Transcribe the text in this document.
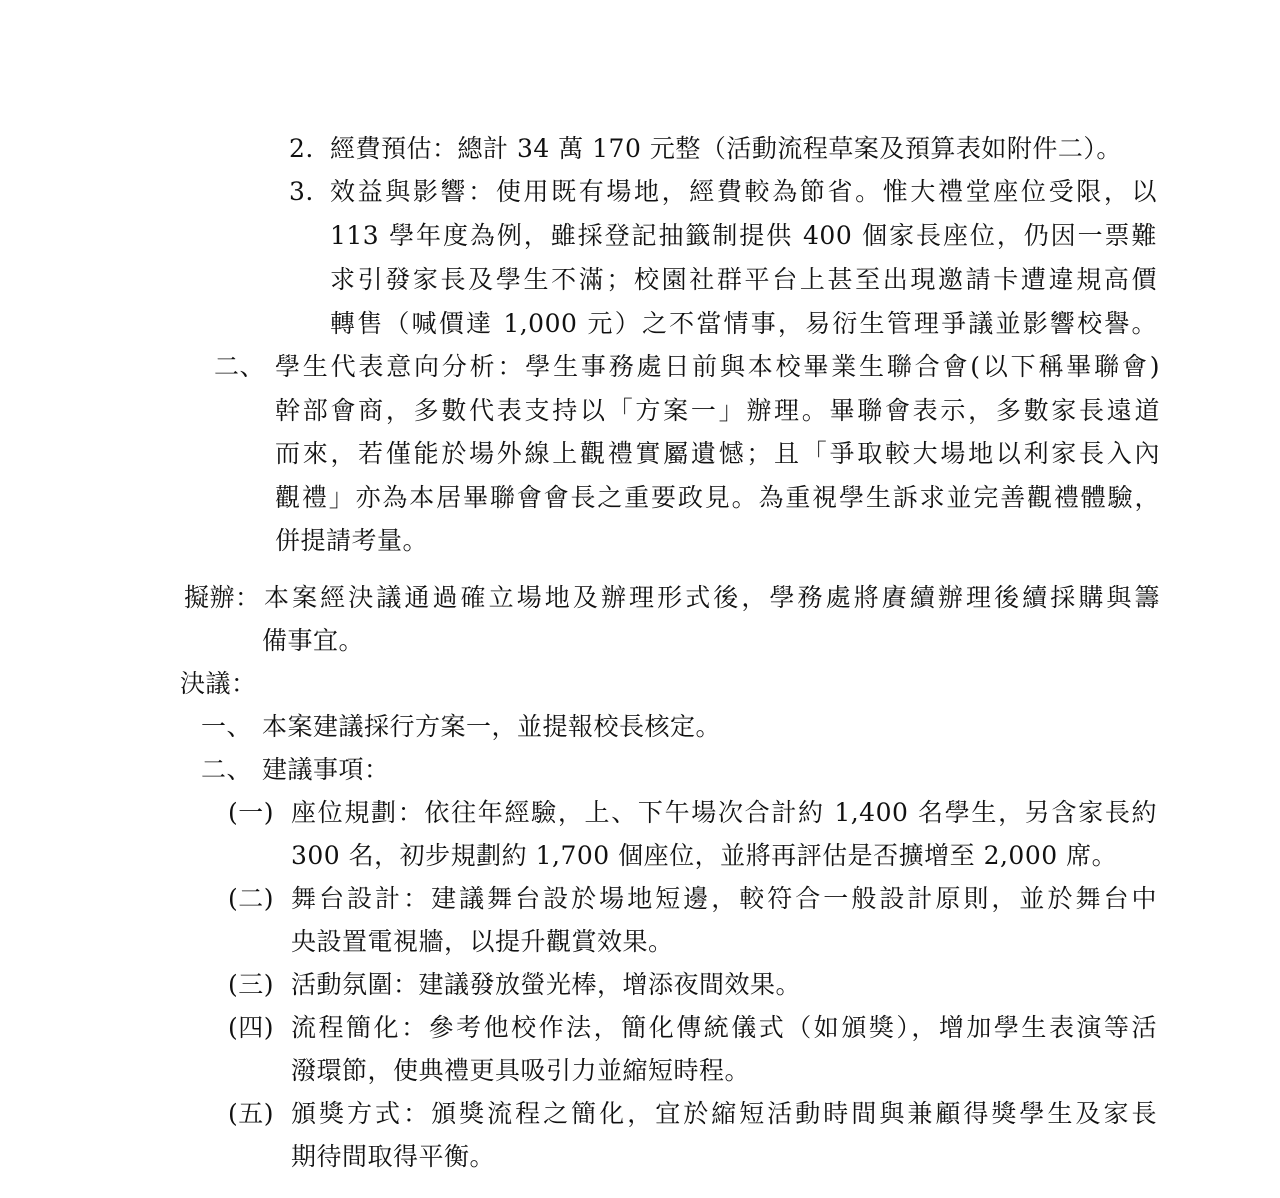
2. 經費預估：總計 34 萬 170 元整（活動流程草案及預算表如附件二）。
3. 效益與影響：使用既有場地，經費較為節省。惟大禮堂座位受限，以
113 學年度為例，雖採登記抽籤制提供 400 個家長座位，仍因一票難
求引發家長及學生不滿；校園社群平台上甚至出現邀請卡遭違規高價
轉售（喊價達 1,000 元）之不當情事，易衍生管理爭議並影響校譽。
二、 學生代表意向分析：學生事務處日前與本校畢業生聯合會(以下稱畢聯會)
幹部會商，多數代表支持以「方案一」辦理。畢聯會表示，多數家長遠道
而來，若僅能於場外線上觀禮實屬遺憾；且「爭取較大場地以利家長入內
觀禮」亦為本居畢聯會會長之重要政見。為重視學生訴求並完善觀禮體驗，
併提請考量。
擬辦： 本案經決議通過確立場地及辦理形式後，學務處將賡續辦理後續採購與籌
備事宜。
決議：
一、 本案建議採行方案一，並提報校長核定。
二、 建議事項：
(一) 座位規劃：依往年經驗，上、下午場次合計約 1,400 名學生，另含家長約
300 名，初步規劃約 1,700 個座位，並將再評估是否擴增至 2,000 席。
(二) 舞台設計：建議舞台設於場地短邊，較符合一般設計原則，並於舞台中
央設置電視牆，以提升觀賞效果。
(三) 活動氛圍：建議發放螢光棒，增添夜間效果。
(四) 流程簡化：參考他校作法，簡化傳統儀式（如頒獎），增加學生表演等活
潑環節，使典禮更具吸引力並縮短時程。
(五) 頒獎方式：頒獎流程之簡化，宜於縮短活動時間與兼顧得獎學生及家長
期待間取得平衡。
